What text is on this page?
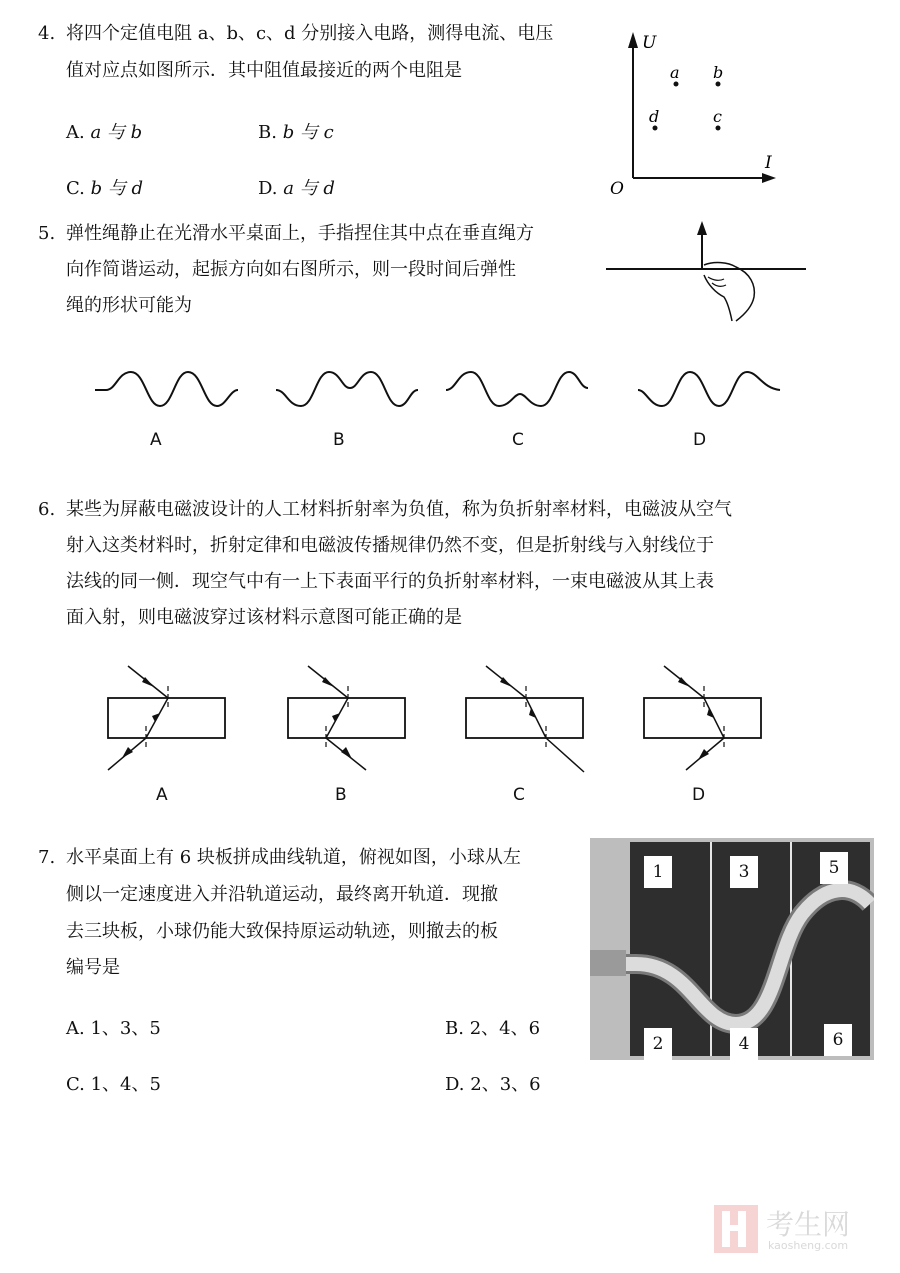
4. 将四个定值电阻 a、b、c、d 分别接入电路，测得电流、电压
值对应点如图所示．其中阻值最接近的两个电阻是
A. a 与 b	B. b 与 c
C. b 与 d	D. a 与 d
U
I
O
a b
d	c
5. 弹性绳静止在光滑水平桌面上，手指捏住其中点在垂直绳方
向作简谐运动，起振方向如右图所示，则一段时间后弹性
绳的形状可能为
A	B	C	D
6. 某些为屏蔽电磁波设计的人工材料折射率为负值，称为负折射率材料，电磁波从空气
射入这类材料时，折射定律和电磁波传播规律仍然不变，但是折射线与入射线位于
法线的同一侧．现空气中有一上下表面平行的负折射率材料，一束电磁波从其上表
面入射，则电磁波穿过该材料示意图可能正确的是
A	B	C	D
7. 水平桌面上有 6 块板拼成曲线轨道，俯视如图，小球从左
侧以一定速度进入并沿轨道运动，最终离开轨道．现撤
去三块板，小球仍能大致保持原运动轨迹，则撤去的板
编号是
A. 1、3、5	B. 2、4、6
C. 1、4、5	D. 2、3、6
1	3	5
2	4	6
考生网
kaosheng.com
